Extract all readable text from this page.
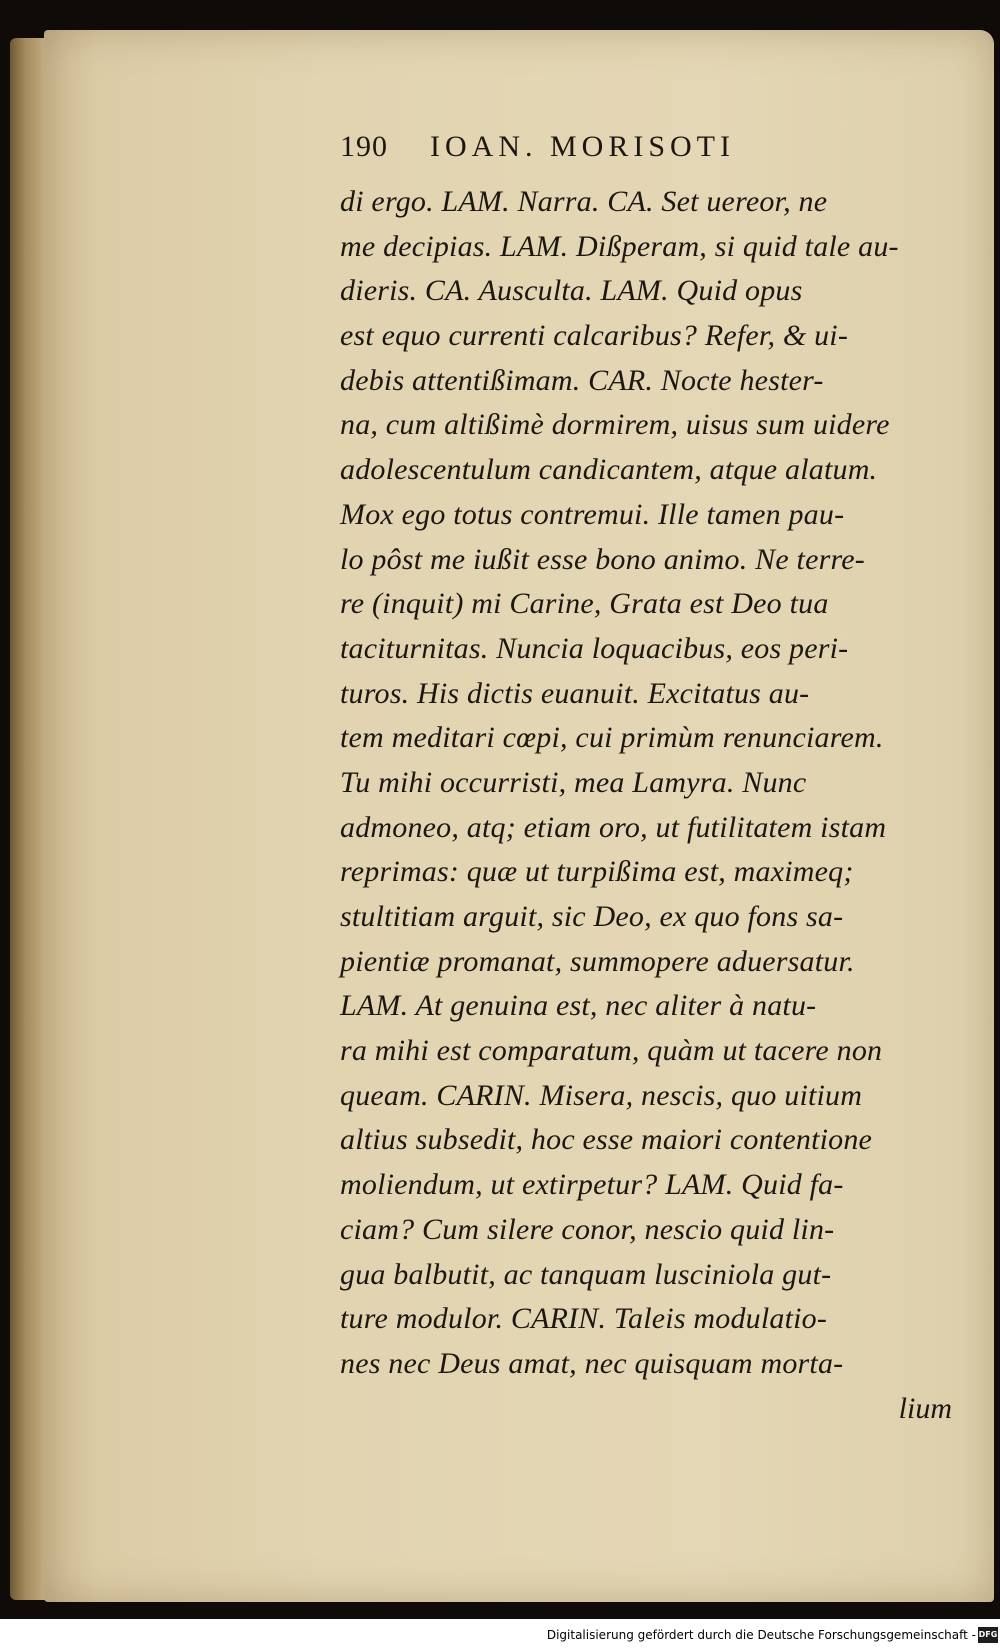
190	IOAN. MORISOTI
di ergo. LAM. Narra. CA. Set uereor, ne
me decipias. LAM. Dißperam, si quid tale au-
dieris. CA. Ausculta. LAM. Quid opus
est equo currenti calcaribus? Refer, & ui-
debis attentißimam. CAR. Nocte hester-
na, cum altißimè dormirem, uisus sum uidere
adolescentulum candicantem, atque alatum.
Mox ego totus contremui. Ille tamen pau-
lo pôst me iußit esse bono animo. Ne terre-
re (inquit) mi Carine, Grata est Deo tua
taciturnitas. Nuncia loquacibus, eos peri-
turos. His dictis euanuit. Excitatus au-
tem meditari cœpi, cui primùm renunciarem.
Tu mihi occurristi, mea Lamyra. Nunc
admoneo, atq; etiam oro, ut futilitatem istam
reprimas: quæ ut turpißima est, maximeq;
stultitiam arguit, sic Deo, ex quo fons sa-
pientiæ promanat, summopere aduersatur.
LAM. At genuina est, nec aliter à natu-
ra mihi est comparatum, quàm ut tacere non
queam. CARIN. Misera, nescis, quo uitium
altius subsedit, hoc esse maiori contentione
moliendum, ut extirpetur? LAM. Quid fa-
ciam? Cum silere conor, nescio quid lin-
gua balbutit, ac tanquam lusciniola gut-
ture modulor. CARIN. Taleis modulatio-
nes nec Deus amat, nec quisquam morta-
lium
Digitalisierung gefördert durch die Deutsche Forschungsgemeinschaft - DFG
